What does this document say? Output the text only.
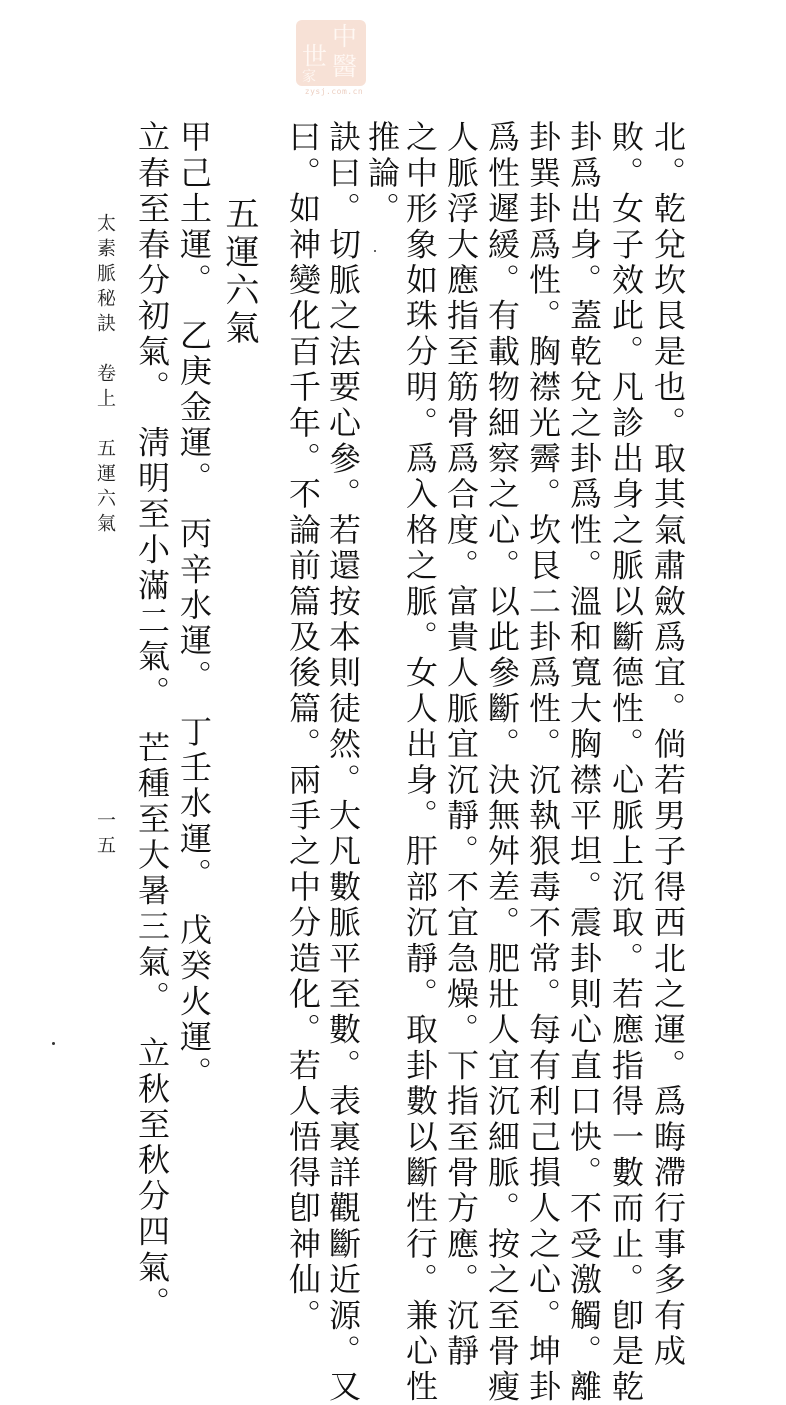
中
世 醫
家
zysj.com.cn
北。乾兌坎艮是也。取其氣肅斂爲宜。倘若男子得西北之運。爲晦滯行事多有成
敗。女子效此。凡診出身之脈以斷德性。心脈上沉取。若應指得一數而止。卽是乾
卦爲出身。蓋乾兌之卦爲性。溫和寬大胸襟平坦。震卦則心直口快。不受激觸。離
卦巽卦爲性。胸襟光霽。坎艮二卦爲性。沉執狠毒不常。每有利己損人之心。坤卦
爲性遲緩。有載物細察之心。以此參斷。決無舛差。肥壯人宜沉細脈。按之至骨瘦
人脈浮大應指至筋骨爲合度。富貴人脈宜沉靜。不宜急燥。下指至骨方應。沉靜
之中形象如珠分明。爲入格之脈。女人出身。肝部沉靜。取卦數以斷性行。兼心性
推論。
訣曰。切脈之法要心參。若還按本則徒然。大凡數脈平至數。表裏詳觀斷近源。又
曰。如神變化百千年。不論前篇及後篇。兩手之中分造化。若人悟得卽神仙。
　　五運六氣
甲己土運。　乙庚金運。　丙辛水運。　丁壬水運。　戊癸火運。
立春至春分初氣。　淸明至小滿二氣。　芒種至大暑三氣。　立秋至秋分四氣。
太素脈秘訣　卷上　五運六氣
一五
